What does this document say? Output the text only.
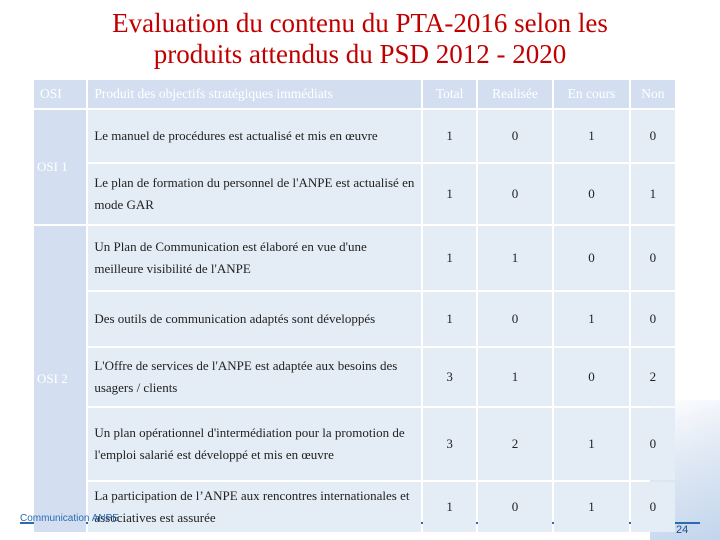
Evaluation du contenu du PTA-2016 selon les
produits attendus du PSD 2012 - 2020
OSI	Produit des objectifs stratégiques immédiats	Total	Realisée	En cours	Non
OSI 1	Le manuel de procédures est actualisé et mis en œuvre	1	0	1	0
	Le plan de formation du personnel de l'ANPE est actualisé en mode GAR	1	0	0	1
OSI 2	Un Plan de Communication est élaboré en vue d'une meilleure visibilité de l'ANPE	1	1	0	0
	Des outils de communication adaptés sont développés	1	0	1	0
	L'Offre de services de l'ANPE est adaptée aux besoins des usagers / clients	3	1	0	2
	Un plan opérationnel d'intermédiation pour la promotion de l'emploi salarié est développé et mis en œuvre	3	2	1	0
	La participation de l’ANPE aux rencontres internationales et associatives est assurée	1	0	1	0
Communication ANPE
24
